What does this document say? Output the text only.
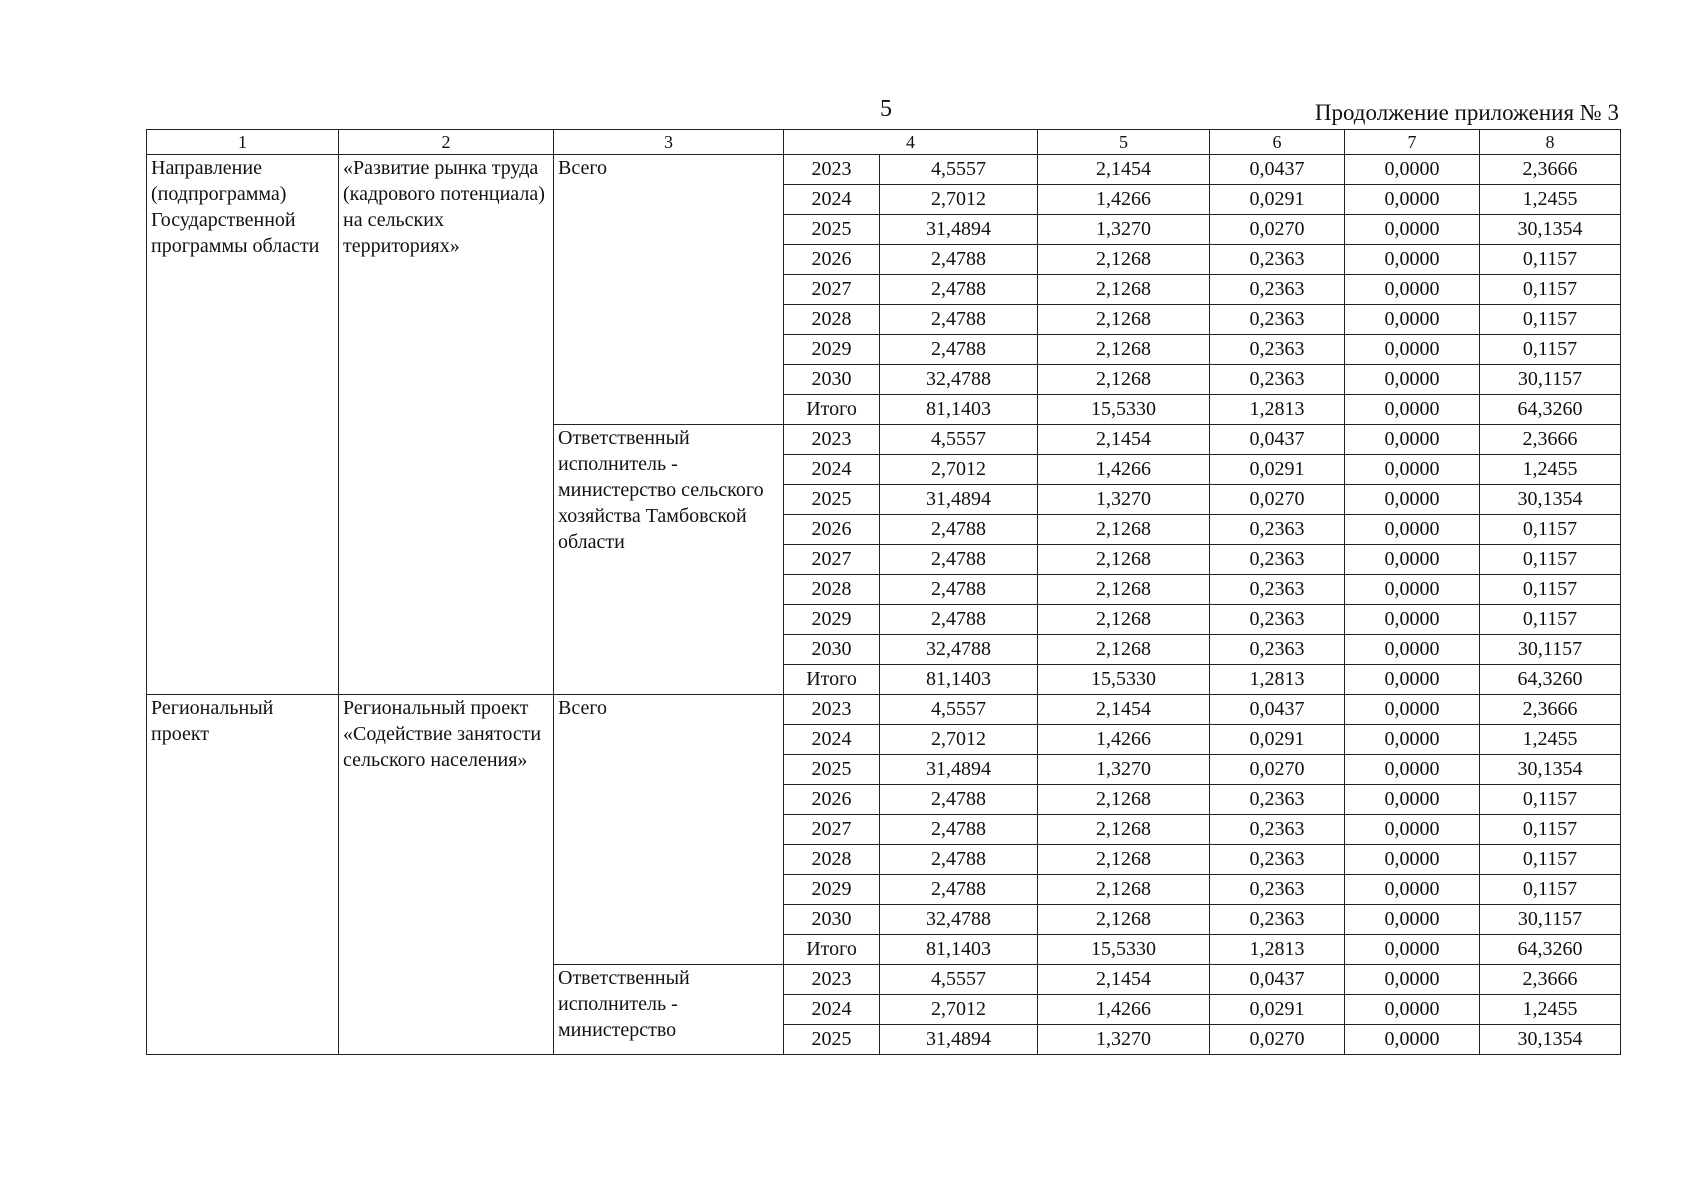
5	Продолжение приложения № 3
1	2	3	4		5	6	7	8
Направление (подпрограмма) Государственной программы области	«Развитие рынка труда (кадрового потенциала) на сельских территориях»	Всего	2023	4,5557	2,1454	0,0437	0,0000	2,3666
			2024	2,7012	1,4266	0,0291	0,0000	1,2455
			2025	31,4894	1,3270	0,0270	0,0000	30,1354
			2026	2,4788	2,1268	0,2363	0,0000	0,1157
			2027	2,4788	2,1268	0,2363	0,0000	0,1157
			2028	2,4788	2,1268	0,2363	0,0000	0,1157
			2029	2,4788	2,1268	0,2363	0,0000	0,1157
			2030	32,4788	2,1268	0,2363	0,0000	30,1157
			Итого	81,1403	15,5330	1,2813	0,0000	64,3260
		Ответственный исполнитель - министерство сельского хозяйства Тамбовской области	2023	4,5557	2,1454	0,0437	0,0000	2,3666
			2024	2,7012	1,4266	0,0291	0,0000	1,2455
			2025	31,4894	1,3270	0,0270	0,0000	30,1354
			2026	2,4788	2,1268	0,2363	0,0000	0,1157
			2027	2,4788	2,1268	0,2363	0,0000	0,1157
			2028	2,4788	2,1268	0,2363	0,0000	0,1157
			2029	2,4788	2,1268	0,2363	0,0000	0,1157
			2030	32,4788	2,1268	0,2363	0,0000	30,1157
			Итого	81,1403	15,5330	1,2813	0,0000	64,3260
Региональный проект	Региональный проект «Содействие занятости сельского населения»	Всего	2023	4,5557	2,1454	0,0437	0,0000	2,3666
			2024	2,7012	1,4266	0,0291	0,0000	1,2455
			2025	31,4894	1,3270	0,0270	0,0000	30,1354
			2026	2,4788	2,1268	0,2363	0,0000	0,1157
			2027	2,4788	2,1268	0,2363	0,0000	0,1157
			2028	2,4788	2,1268	0,2363	0,0000	0,1157
			2029	2,4788	2,1268	0,2363	0,0000	0,1157
			2030	32,4788	2,1268	0,2363	0,0000	30,1157
			Итого	81,1403	15,5330	1,2813	0,0000	64,3260
		Ответственный исполнитель - министерство	2023	4,5557	2,1454	0,0437	0,0000	2,3666
			2024	2,7012	1,4266	0,0291	0,0000	1,2455
			2025	31,4894	1,3270	0,0270	0,0000	30,1354
